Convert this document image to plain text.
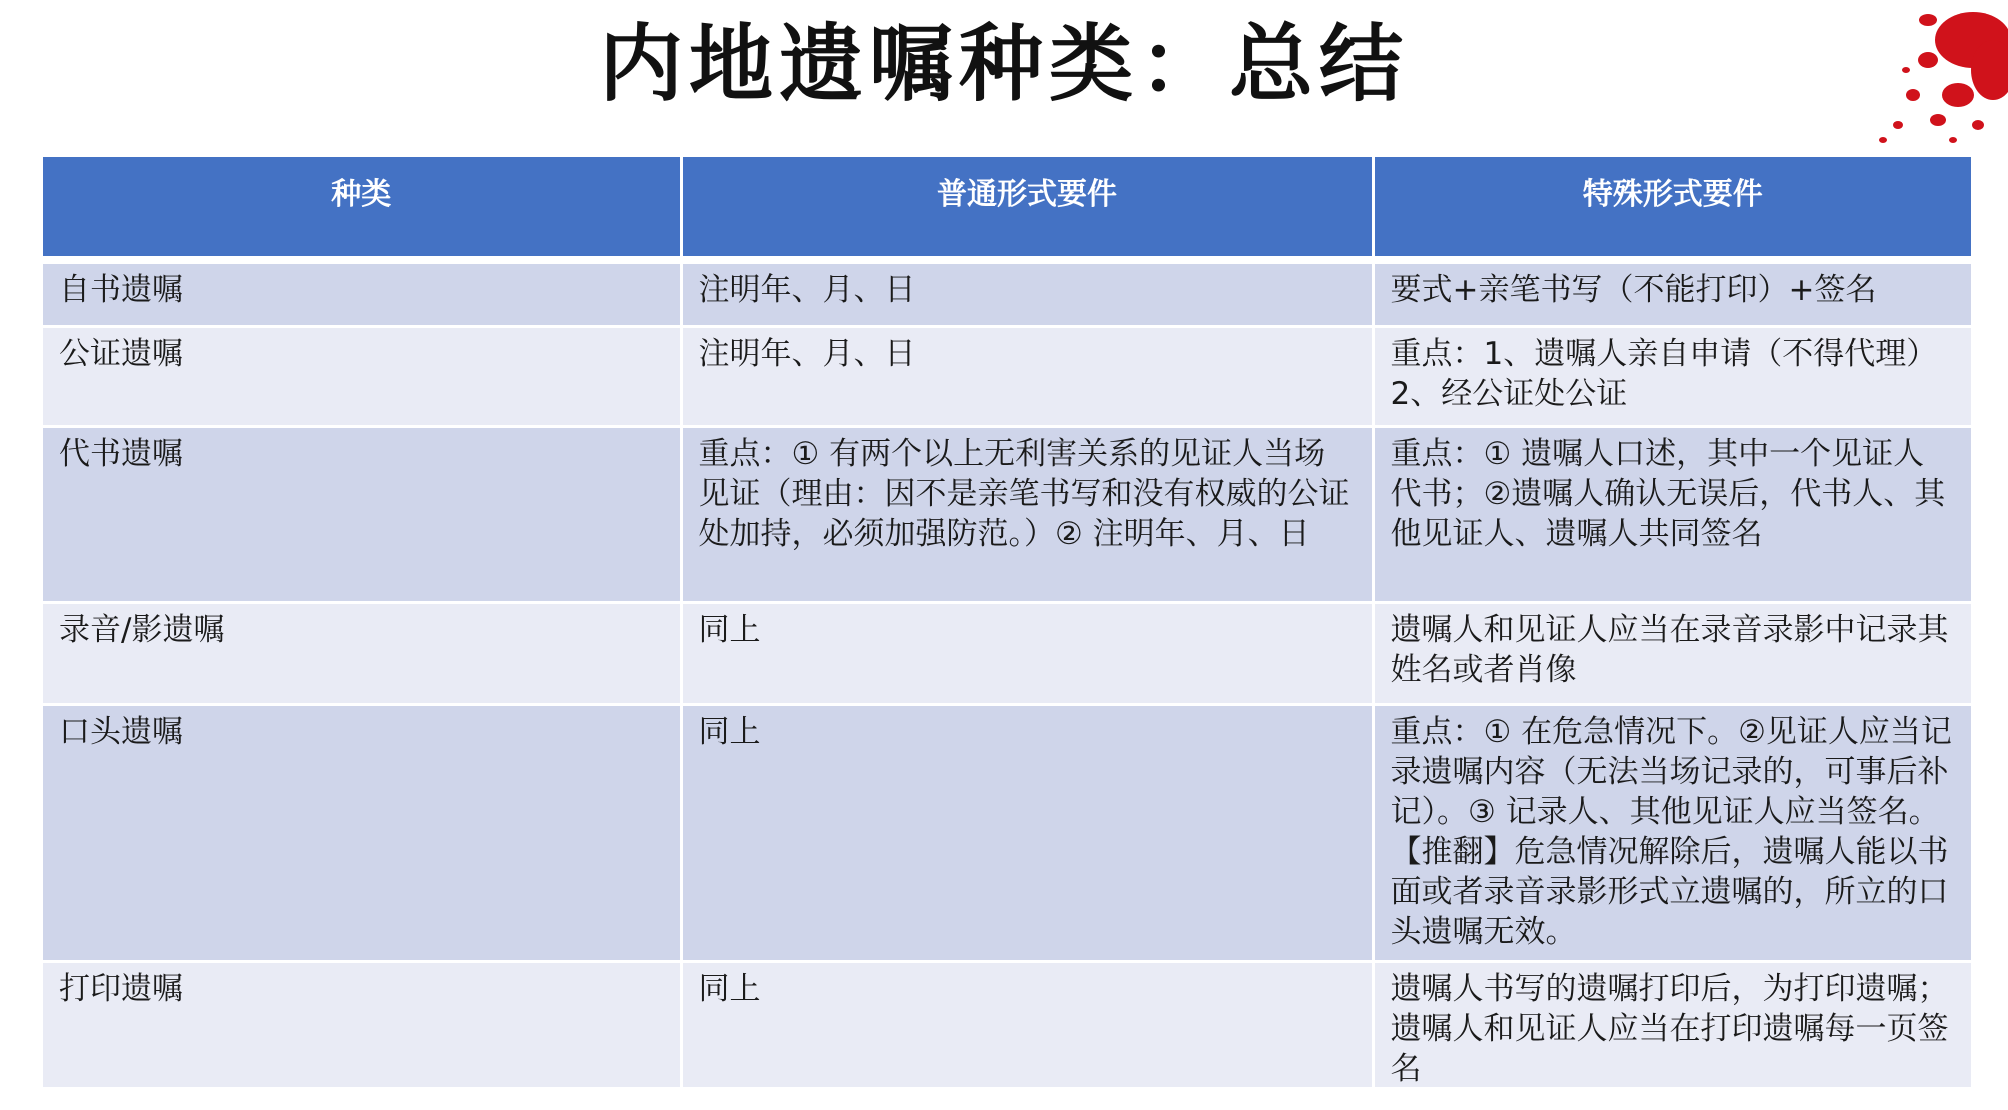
内地遗嘱种类：总结
种类	普通形式要件	特殊形式要件
自书遗嘱	注明年、月、日	要式+亲笔书写（不能打印）+签名
公证遗嘱	注明年、月、日	重点：1、遗嘱人亲自申请（不得代理）2、经公证处公证
代书遗嘱	重点：① 有两个以上无利害关系的见证人当场见证（理由：因不是亲笔书写和没有权威的公证处加持，必须加强防范。）② 注明年、月、日	重点：① 遗嘱人口述，其中一个见证人代书；②遗嘱人确认无误后，代书人、其他见证人、遗嘱人共同签名
录音/影遗嘱	同上	遗嘱人和见证人应当在录音录影中记录其姓名或者肖像
口头遗嘱	同上	重点：① 在危急情况下。②见证人应当记录遗嘱内容（无法当场记录的，可事后补记）。③ 记录人、其他见证人应当签名。【推翻】危急情况解除后，遗嘱人能以书面或者录音录影形式立遗嘱的，所立的口头遗嘱无效。
打印遗嘱	同上	遗嘱人书写的遗嘱打印后，为打印遗嘱；遗嘱人和见证人应当在打印遗嘱每一页签名
